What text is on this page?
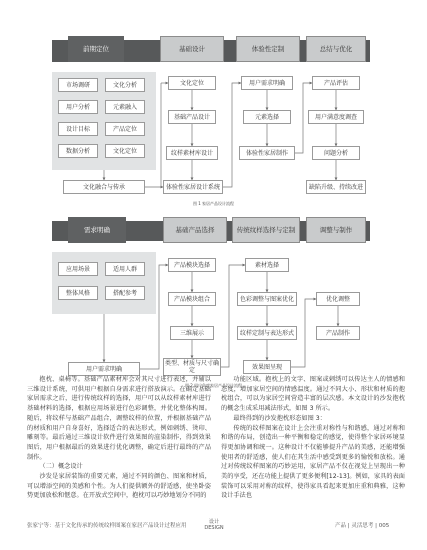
前期定位	基础设计	体验性定制	总结与优化
市场调研	文化分析
用户分析	元素融入
设计目标	产品定位
数据分析	文化定位
文化融合与传承
文化定位
基础产品设计
纹样素材库设计
体验性家居设计系统
用户需求明确
元素选择
体验性家居制作
产品评估
用户满意度调查
问题分析
缺陷升级、持续改进
图 1 家居产品设计流程
需求明确	基础产品选择	传统纹样选择与定制	调整与制作
应用场景	适用人群
整体风格	搭配参考
用户需求明确
产品模块选择
产品模块组合
三维展示
类型、材质与尺寸确定
素材选择
色彩调整与图案优化
纹样定制与表达形式
效果图呈现
优化调整
产品制作
图 2 用户角度家居产品设计流程

抱枕、桌椅等。基础产品素材库会对其尺寸进行表述，并辅以三维设计系统，可供用户根据自身需求进行搭放演示。在确定基础家居需求之后，进行传统纹样的选择，用户可以从纹样素材库进行基础材料的选择，根据应用场景进行色彩调整，并优化整体构图。随后，将纹样与基础产品组合，调整纹样的位置，并根据基础产品的材质和用户自身喜好，选择适合的表达形式，例如刺绣、烫印、雕刻等。最后通过三维设计软件进行效果图的渲染制作，得到效果图后，用户根据最后的效果进行优化调整，确定后进行最终的产品制作。

（二）概念设计

沙发是家居装饰的重要元素，通过不同的颜色、图案和材质，可以增添空间的美感和个性。为人们提供额外的舒适感，使坐卧姿势更加放松和惬意。在开放式空间中，抱枕可以巧妙地划分不同的

功能区域。抱枕上的文字、图案或刺绣可以传达主人的情感和态度，增加家居空间的情感温度。通过不同大小、形状和材质的抱枕组合，可以为家居空间营造丰富的层次感。本文设计的沙发抱枕的概念生成采用减法形式，如图 3 所示。

最终得到的沙发抱枕形态如图 3：

传统的纹样图案在设计上会注重对称性与和谐感，通过对称和和谐的布局，创造出一种平衡和稳定的感觉，使得整个家居环境显得更加协调和统一。这种设计不仅能够提升产品的美感，还能增强使用者的舒适感，使人们在其生活中感受到更多的愉悦和放松。通过对传统纹样图案的巧妙运用，家居产品不仅在视觉上呈现出一种美的享受，还在功能上提供了更多便利[12-13]。例如，家具的表面装饰可以采用对称的纹样，使得家具看起来更加庄重和典雅，这种设计手法也

张家宁等：基于文化传承的传统纹样图案在家居产品设计过程应用
设计
DESIGN	产品 | 灵活思考 | 005
